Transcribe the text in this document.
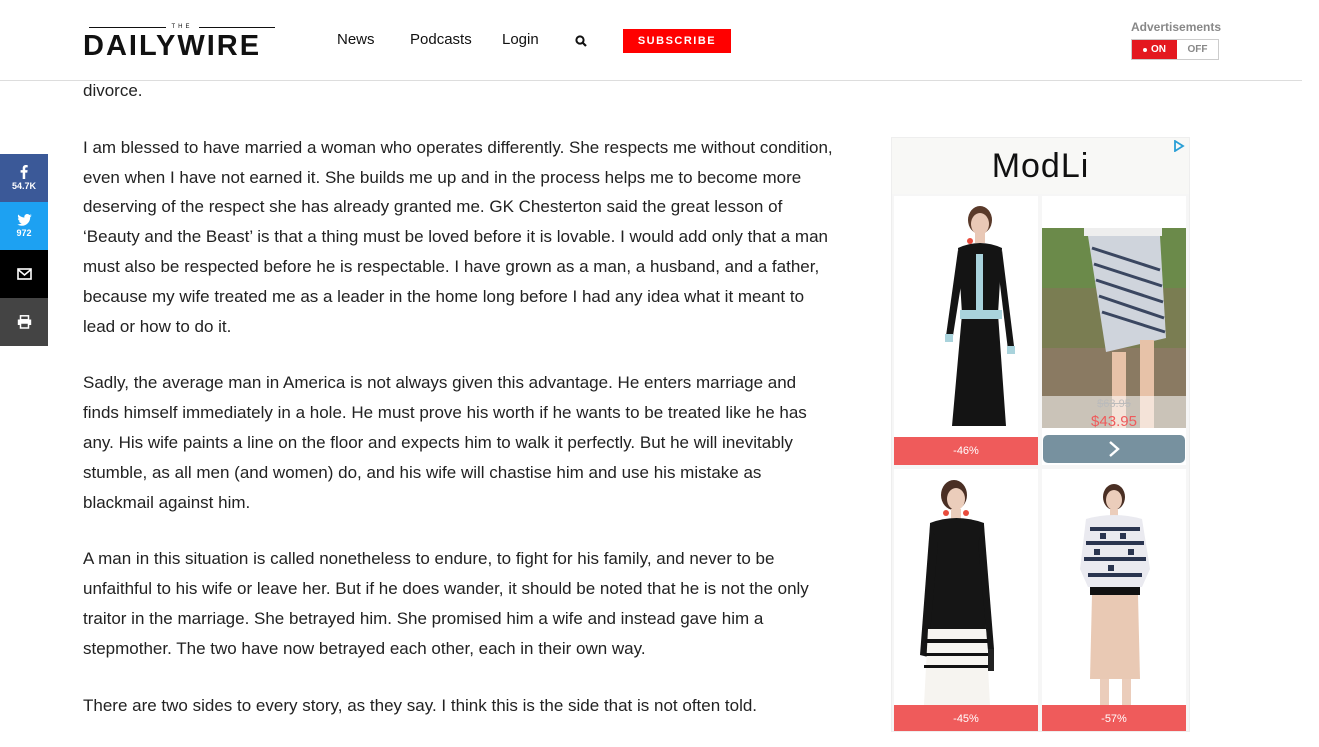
THE
DAILYWIRE	News Podcasts Login	SUBSCRIBE
Advertisements
ON	OFF
54.7K
972

divorce.

I am blessed to have married a woman who operates differently. She respects me without condition, even when I have not earned it. She builds me up and in the process helps me to become more deserving of the respect she has already granted me. GK Chesterton said the great lesson of ‘Beauty and the Beast’ is that a thing must be loved before it is lovable. I would add only that a man must also be respected before he is respectable. I have grown as a man, a husband, and a father, because my wife treated me as a leader in the home long before I had any idea what it meant to lead or how to do it.

Sadly, the average man in America is not always given this advantage. He enters marriage and finds himself immediately in a hole. He must prove his worth if he wants to be treated like he has any. His wife paints a line on the floor and expects him to walk it perfectly. But he will inevitably stumble, as all men (and women) do, and his wife will chastise him and use his mistake as blackmail against him.

A man in this situation is called nonetheless to endure, to fight for his family, and never to be unfaithful to his wife or leave her. But if he does wander, it should be noted that he is not the only traitor in the marriage. She betrayed him. She promised him a wife and instead gave him a stepmother. The two have now betrayed each other, each in their own way.

There are two sides to every story, as they say. I think this is the side that is not often told.

ModLi
-46%
$63.95
$43.95
-45%	-57%
